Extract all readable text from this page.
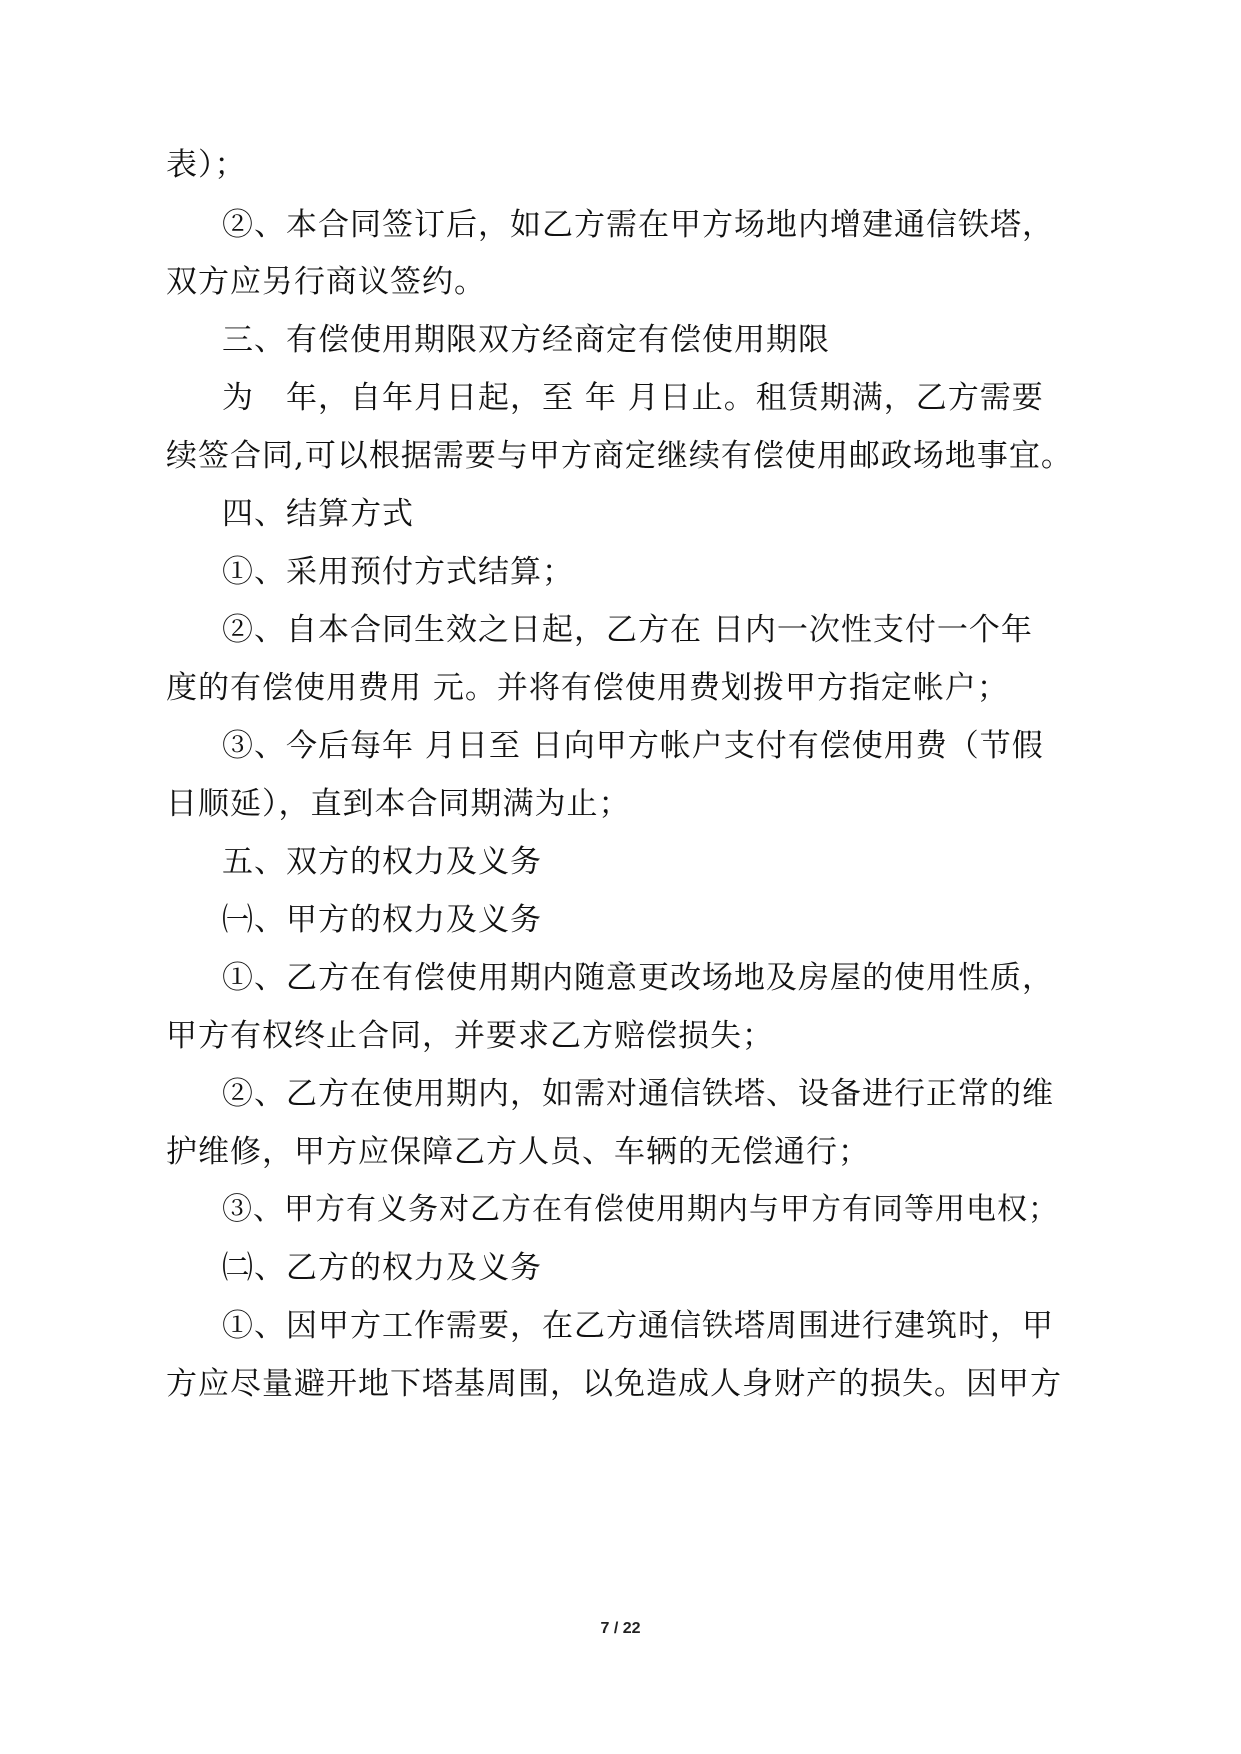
表）；
②、本合同签订后，如乙方需在甲方场地内增建通信铁塔，
双方应另行商议签约。
三、有偿使用期限双方经商定有偿使用期限
为　年，自年月日起，至 年 月日止。租赁期满，乙方需要
续签合同,可以根据需要与甲方商定继续有偿使用邮政场地事宜。
四、结算方式
①、采用预付方式结算；
②、自本合同生效之日起，乙方在 日内一次性支付一个年
度的有偿使用费用 元。并将有偿使用费划拨甲方指定帐户；
③、今后每年 月日至 日向甲方帐户支付有偿使用费（节假
日顺延），直到本合同期满为止；
五、双方的权力及义务
㈠、甲方的权力及义务
①、乙方在有偿使用期内随意更改场地及房屋的使用性质，
甲方有权终止合同，并要求乙方赔偿损失；
②、乙方在使用期内，如需对通信铁塔、设备进行正常的维
护维修，甲方应保障乙方人员、车辆的无偿通行；
③、甲方有义务对乙方在有偿使用期内与甲方有同等用电权；
㈡、乙方的权力及义务
①、因甲方工作需要，在乙方通信铁塔周围进行建筑时，甲
方应尽量避开地下塔基周围，以免造成人身财产的损失。因甲方
7 / 22
